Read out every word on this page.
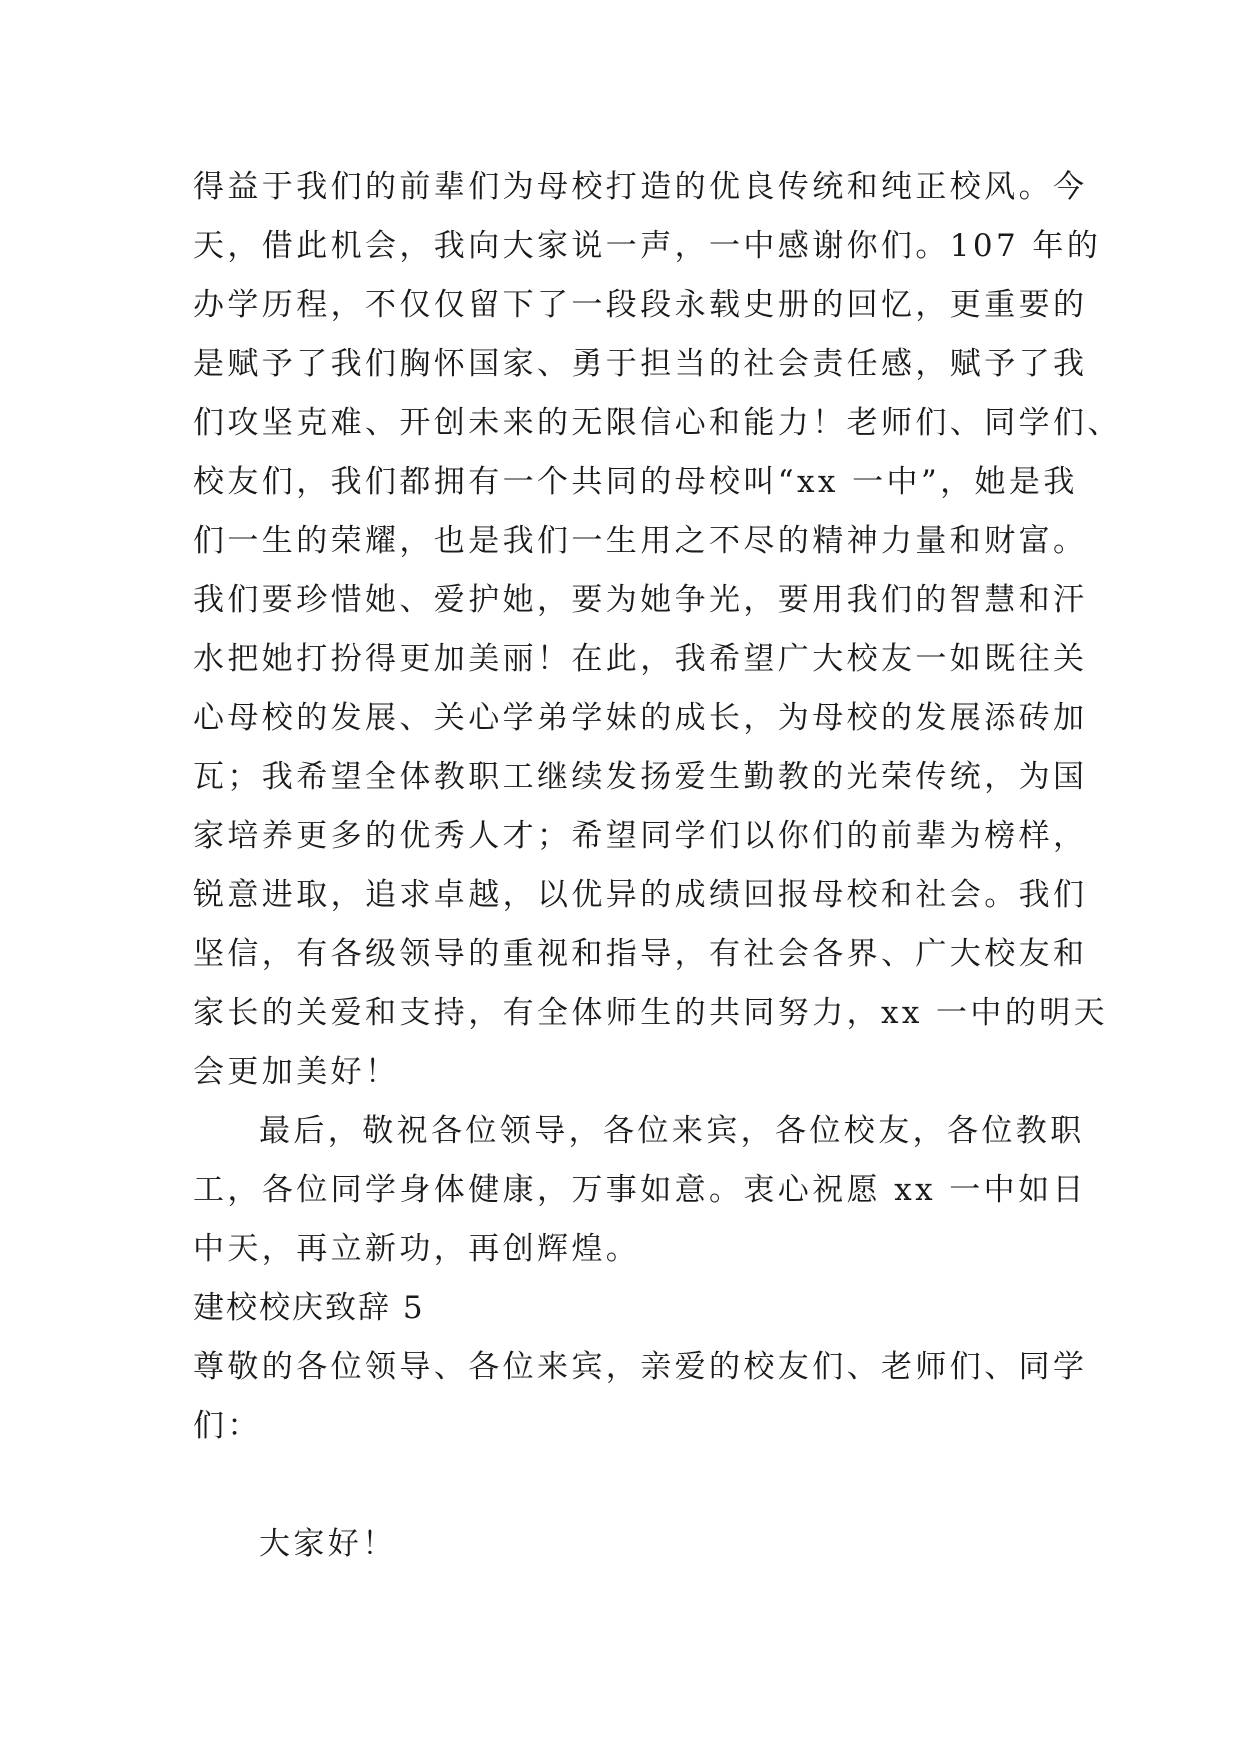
得益于我们的前辈们为母校打造的优良传统和纯正校风。今

天，借此机会，我向大家说一声，一中感谢你们。107 年的

办学历程，不仅仅留下了一段段永载史册的回忆，更重要的

是赋予了我们胸怀国家、勇于担当的社会责任感，赋予了我

们攻坚克难、开创未来的无限信心和能力！老师们、同学们、

校友们，我们都拥有一个共同的母校叫“xx 一中”，她是我

们一生的荣耀，也是我们一生用之不尽的精神力量和财富。

我们要珍惜她、爱护她，要为她争光，要用我们的智慧和汗

水把她打扮得更加美丽！在此，我希望广大校友一如既往关

心母校的发展、关心学弟学妹的成长，为母校的发展添砖加

瓦；我希望全体教职工继续发扬爱生勤教的光荣传统，为国

家培养更多的优秀人才；希望同学们以你们的前辈为榜样，

锐意进取，追求卓越，以优异的成绩回报母校和社会。我们

坚信，有各级领导的重视和指导，有社会各界、广大校友和

家长的关爱和支持，有全体师生的共同努力，xx 一中的明天

会更加美好！

最后，敬祝各位领导，各位来宾，各位校友，各位教职

工，各位同学身体健康，万事如意。衷心祝愿 xx 一中如日

中天，再立新功，再创辉煌。

建校校庆致辞 5

尊敬的各位领导、各位来宾，亲爱的校友们、老师们、同学

们：

大家好！
